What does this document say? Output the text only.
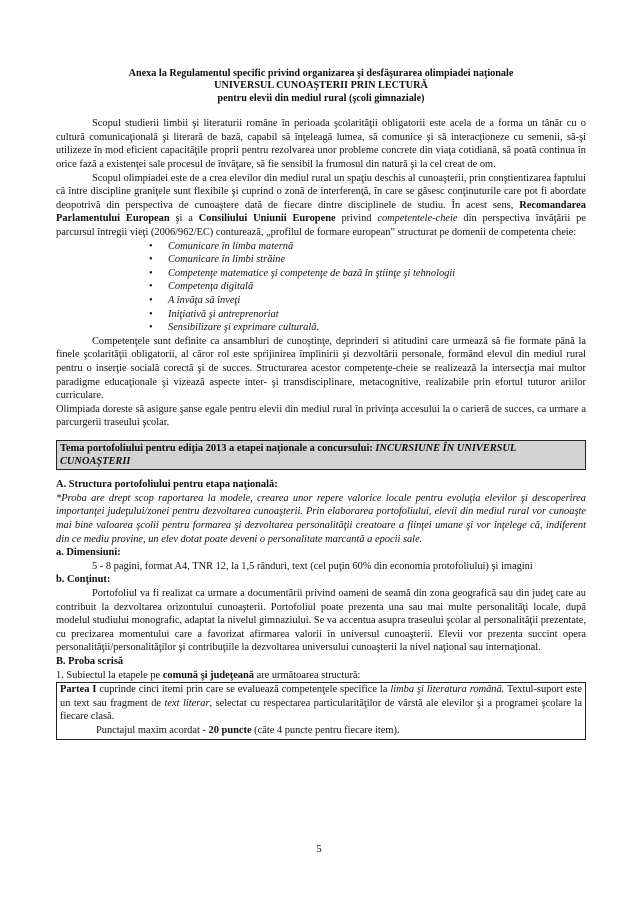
Anexa la Regulamentul specific privind organizarea şi desfăşurarea olimpiadei naţionale
UNIVERSUL CUNOAŞTERII PRIN LECTURĂ
pentru elevii din mediul rural (şcoli gimnaziale)

Scopul studierii limbii şi literaturii române în perioada şcolarităţii obligatorii este acela de a forma un tânăr cu o cultură comunicaţională şi literară de bază, capabil să înţeleagă lumea, să comunice şi să interacţioneze cu semenii, să-şi utilizeze în mod eficient capacităţile proprii pentru rezolvarea unor probleme concrete din viaţa cotidiană, să poată continua în orice fază a existenţei sale procesul de învăţare, să fie sensibil la frumosul din natură şi la cel creat de om.

Scopul olimpiadei este de a crea elevilor din mediul rural un spaţiu deschis al cunoaşterii, prin conştientizarea faptului că între discipline graniţele sunt flexibile şi cuprind o zonă de interferenţă, în care se găsesc conţinuturile care pot fi abordate deopotrivă din perspectiva de cunoaştere dată de fiecare dintre disciplinele de studiu. În acest sens, Recomandarea Parlamentului European şi a Consiliului Uniunii Europene privind competentele-cheie din perspectiva învăţării pe parcursul întregii vieţi (2006/962/EC) conturează, „profilul de formare european” structurat pe domenii de competenta cheie:

• Comunicare în limba maternă
• Comunicare în limbi străine
• Competenţe matematice şi competenţe de bază în ştiinţe şi tehnologii
• Competenţa digitală
• A învăţa să înveţi
• Iniţiativă şi antreprenoriat
• Sensibilizare şi exprimare culturală.

Competenţele sunt definite ca ansambluri de cunoştinţe, deprinderi si atitudini care urmează să fie formate până la finele şcolarităţii obligatorii, al căror rol este sprijinirea împlinirii şi dezvoltării personale, formând elevul din mediul rural pentru o inserţie socială corectă şi de succes. Structurarea acestor competenţe-cheie se realizează la intersecţia mai multor paradigme educaţionale şi vizează aspecte inter- şi transdisciplinare, metacognitive, realizabile prin efortul tuturor ariilor curriculare.

Olimpiada doreste să asigure şanse egale pentru elevii din mediul rural în privinţa accesului la o carieră de succes, ca urmare a parcurgerii traseului şcolar.

Tema portofoliului pentru ediţia 2013 a etapei naţionale a concursului: INCURSIUNE ÎN UNIVERSUL CUNOAŞTERII
A. Structura portofoliului pentru etapa naţională:

*Proba are drept scop raportarea la modele, crearea unor repere valorice locale pentru evoluţia elevilor şi descoperirea importanţei judeţului/zonei pentru dezvoltarea cunoaşterii. Prin elaborarea portofoliului, elevii din mediul rural vor cunoaşte mai bine valoarea şcolii pentru formarea şi dezvoltarea personalităţii creatoare a fiinţei umane şi vor înţelege că, indiferent din ce mediu provine, un elev dotat poate deveni o personalitate marcantă a epocii sale.

a. Dimensiuni:

5 - 8 pagini, format A4, TNR 12, la 1,5 rânduri, text (cel puţin 60% din economia protofoliului) şi imagini

b. Conţinut:

Portofoliul va fi realizat ca urmare a documentării privind oameni de seamă din zona geografică sau din judeţ care au contribuit la dezvoltarea orizontului cunoaşterii. Portofoliul poate prezenta una sau mai multe personalităţi locale, după modelul studiului monografic, adaptat la nivelul gimnaziului. Se va accentua asupra traseului şcolar al personalităţii prezentate, cu precizarea momentului care a favorizat afirmarea valorii în universul cunoaşterii. Elevii vor prezenta succint opera personalităţii/personalităţilor şi contribuţiile la dezvoltarea universului cunoaşterii la nivel naţional sau internaţional.

B. Proba scrisă

1. Subiectul la etapele pe comună şi judeţeană are următoarea structură:

Partea I cuprinde cinci itemi prin care se evaluează competenţele specifice la limba şi literatura română. Textul-suport este un text sau fragment de text literar, selectat cu respectarea particularităţilor de vârstă ale elevilor şi a programei şcolare la fiecare clasă.
Punctajul maxim acordat - 20 puncte (câte 4 puncte pentru fiecare item).
5
